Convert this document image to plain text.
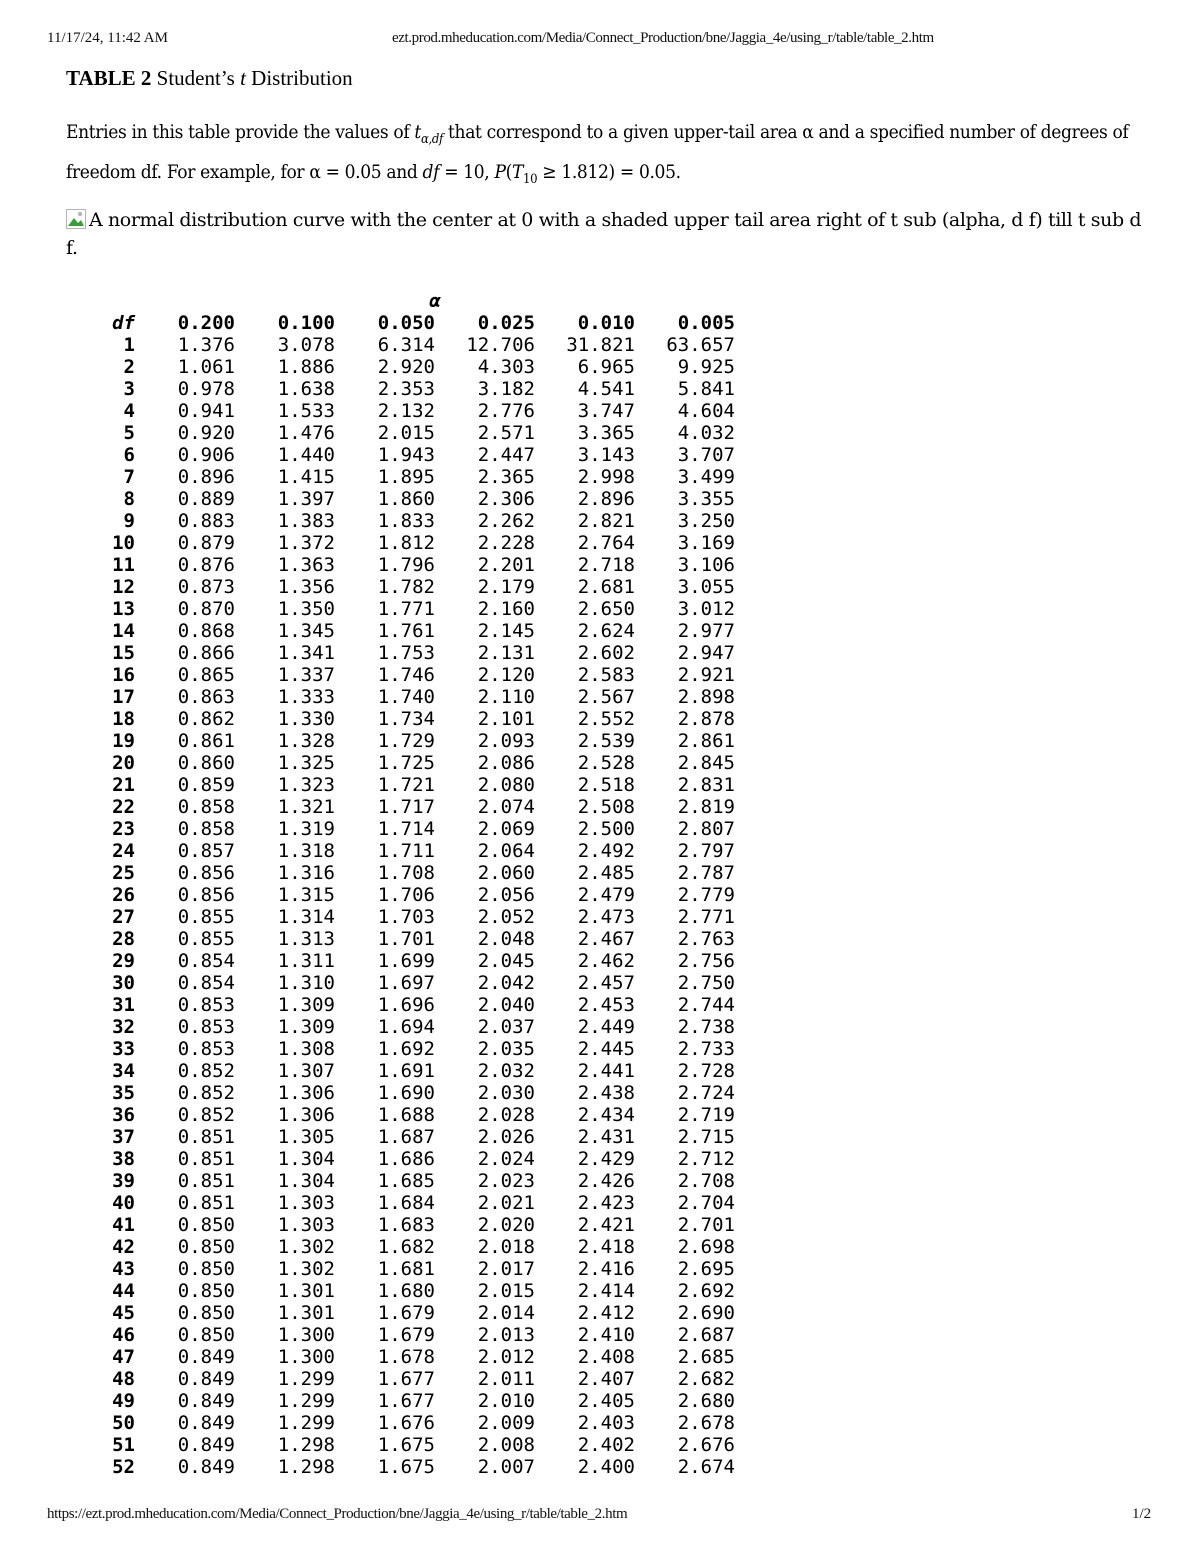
11/17/24, 11:42 AM	ezt.prod.mheducation.com/Media/Connect_Production/bne/Jaggia_4e/using_r/table/table_2.htm
TABLE 2 Student’s t Distribution
Entries in this table provide the values of $t_{\alpha,df}$ that correspond to a given upper-tail area α and a specified number of degrees of freedom df. For example, for α = 0.05 and df = 10, $P(T_{10} \ge 1.812) = 0.05$.
A normal distribution curve with the center at 0 with a shaded upper tail area right of t sub (alpha, d f) till t sub d f.
	α					
df	0.200	0.100	0.050	0.025	0.010	0.005
1	1.376	3.078	6.314	12.706	31.821	63.657
2	1.061	1.886	2.920	4.303	6.965	9.925
3	0.978	1.638	2.353	3.182	4.541	5.841
4	0.941	1.533	2.132	2.776	3.747	4.604
5	0.920	1.476	2.015	2.571	3.365	4.032
6	0.906	1.440	1.943	2.447	3.143	3.707
7	0.896	1.415	1.895	2.365	2.998	3.499
8	0.889	1.397	1.860	2.306	2.896	3.355
9	0.883	1.383	1.833	2.262	2.821	3.250
10	0.879	1.372	1.812	2.228	2.764	3.169
11	0.876	1.363	1.796	2.201	2.718	3.106
12	0.873	1.356	1.782	2.179	2.681	3.055
13	0.870	1.350	1.771	2.160	2.650	3.012
14	0.868	1.345	1.761	2.145	2.624	2.977
15	0.866	1.341	1.753	2.131	2.602	2.947
16	0.865	1.337	1.746	2.120	2.583	2.921
17	0.863	1.333	1.740	2.110	2.567	2.898
18	0.862	1.330	1.734	2.101	2.552	2.878
19	0.861	1.328	1.729	2.093	2.539	2.861
20	0.860	1.325	1.725	2.086	2.528	2.845
21	0.859	1.323	1.721	2.080	2.518	2.831
22	0.858	1.321	1.717	2.074	2.508	2.819
23	0.858	1.319	1.714	2.069	2.500	2.807
24	0.857	1.318	1.711	2.064	2.492	2.797
25	0.856	1.316	1.708	2.060	2.485	2.787
26	0.856	1.315	1.706	2.056	2.479	2.779
27	0.855	1.314	1.703	2.052	2.473	2.771
28	0.855	1.313	1.701	2.048	2.467	2.763
29	0.854	1.311	1.699	2.045	2.462	2.756
30	0.854	1.310	1.697	2.042	2.457	2.750
31	0.853	1.309	1.696	2.040	2.453	2.744
32	0.853	1.309	1.694	2.037	2.449	2.738
33	0.853	1.308	1.692	2.035	2.445	2.733
34	0.852	1.307	1.691	2.032	2.441	2.728
35	0.852	1.306	1.690	2.030	2.438	2.724
36	0.852	1.306	1.688	2.028	2.434	2.719
37	0.851	1.305	1.687	2.026	2.431	2.715
38	0.851	1.304	1.686	2.024	2.429	2.712
39	0.851	1.304	1.685	2.023	2.426	2.708
40	0.851	1.303	1.684	2.021	2.423	2.704
41	0.850	1.303	1.683	2.020	2.421	2.701
42	0.850	1.302	1.682	2.018	2.418	2.698
43	0.850	1.302	1.681	2.017	2.416	2.695
44	0.850	1.301	1.680	2.015	2.414	2.692
45	0.850	1.301	1.679	2.014	2.412	2.690
46	0.850	1.300	1.679	2.013	2.410	2.687
47	0.849	1.300	1.678	2.012	2.408	2.685
48	0.849	1.299	1.677	2.011	2.407	2.682
49	0.849	1.299	1.677	2.010	2.405	2.680
50	0.849	1.299	1.676	2.009	2.403	2.678
51	0.849	1.298	1.675	2.008	2.402	2.676
52	0.849	1.298	1.675	2.007	2.400	2.674
https://ezt.prod.mheducation.com/Media/Connect_Production/bne/Jaggia_4e/using_r/table/table_2.htm	1/2
